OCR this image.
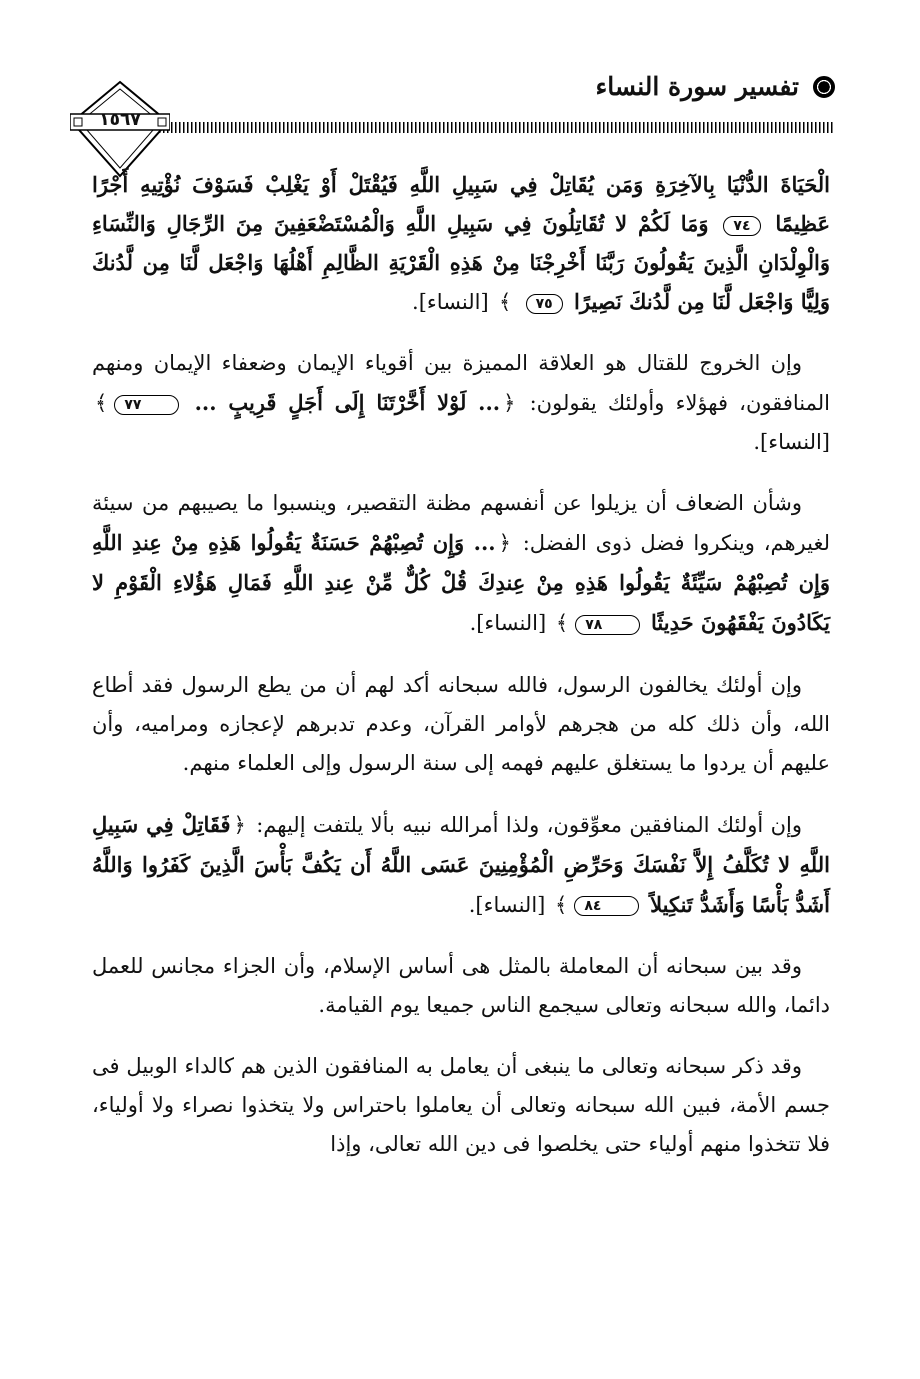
تفسير سورة النساء
١٥٦٧

الْحَيَاةَ الدُّنْيَا بِالآخِرَةِ وَمَن يُقَاتِلْ فِي سَبِيلِ اللَّهِ فَيُقْتَلْ أَوْ يَغْلِبْ فَسَوْفَ نُؤْتِيهِ أَجْرًا عَظِيمًا ٧٤ وَمَا لَكُمْ لا تُقَاتِلُونَ فِي سَبِيلِ اللَّهِ وَالْمُسْتَضْعَفِينَ مِنَ الرِّجَالِ وَالنِّسَاءِ وَالْوِلْدَانِ الَّذِينَ يَقُولُونَ رَبَّنَا أَخْرِجْنَا مِنْ هَذِهِ الْقَرْيَةِ الظَّالِمِ أَهْلُهَا وَاجْعَل لَّنَا مِن لَّدُنكَ وَلِيًّا وَاجْعَل لَّنَا مِن لَّدُنكَ نَصِيرًا ٧٥ ﴾ [النساء].

وإن الخروج للقتال هو العلاقة المميزة بين أقوياء الإيمان وضعفاء الإيمان ومنهم المنافقون، فهؤلاء وأولئك يقولون: ﴿... لَوْلا أَخَّرْتَنَا إِلَى أَجَلٍ قَرِيبٍ ... ٧٧﴾ [النساء].

وشأن الضعاف أن يزيلوا عن أنفسهم مظنة التقصير، وينسبوا ما يصيبهم من سيئة لغيرهم، وينكروا فضل ذوى الفضل: ﴿... وَإِن تُصِبْهُمْ حَسَنَةٌ يَقُولُوا هَذِهِ مِنْ عِندِ اللَّهِ وَإِن تُصِبْهُمْ سَيِّئَةٌ يَقُولُوا هَذِهِ مِنْ عِندِكَ قُلْ كُلٌّ مِّنْ عِندِ اللَّهِ فَمَالِ هَؤُلاءِ الْقَوْمِ لا يَكَادُونَ يَفْقَهُونَ حَدِيثًا ٧٨﴾ [النساء].

وإن أولئك يخالفون الرسول، فالله سبحانه أكد لهم أن من يطع الرسول فقد أطاع الله، وأن ذلك كله من هجرهم لأوامر القرآن، وعدم تدبرهم لإعجازه ومراميه، وأن عليهم أن يردوا ما يستغلق عليهم فهمه إلى سنة الرسول وإلى العلماء منهم.

وإن أولئك المنافقين معوِّقون، ولذا أمرالله نبيه بألا يلتفت إليهم: ﴿فَقَاتِلْ فِي سَبِيلِ اللَّهِ لا تُكَلَّفُ إِلاَّ نَفْسَكَ وَحَرِّضِ الْمُؤْمِنِينَ عَسَى اللَّهُ أَن يَكُفَّ بَأْسَ الَّذِينَ كَفَرُوا وَاللَّهُ أَشَدُّ بَأْسًا وَأَشَدُّ تَنكِيلاً ٨٤﴾ [النساء].

وقد بين سبحانه أن المعاملة بالمثل هى أساس الإسلام، وأن الجزاء مجانس للعمل دائما، والله سبحانه وتعالى سيجمع الناس جميعا يوم القيامة.

وقد ذكر سبحانه وتعالى ما ينبغى أن يعامل به المنافقون الذين هم كالداء الوبيل فى جسم الأمة، فبين الله سبحانه وتعالى أن يعاملوا باحتراس ولا يتخذوا نصراء ولا أولياء، فلا تتخذوا منهم أولياء حتى يخلصوا فى دين الله تعالى، وإذا
